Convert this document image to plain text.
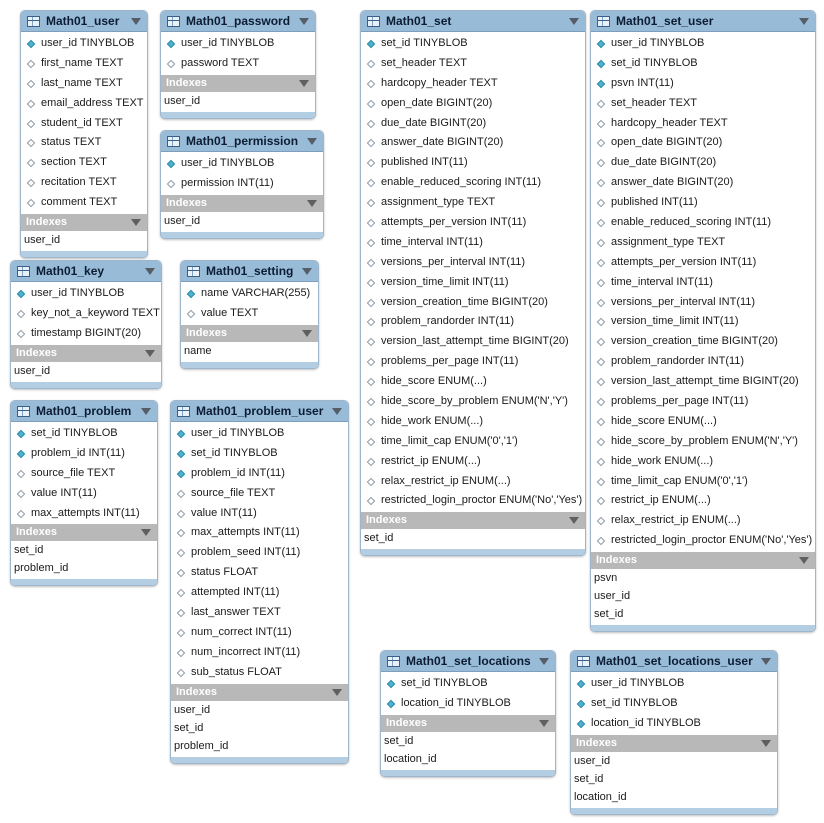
Math01_user
user_id TINYBLOB
first_name TEXT
last_name TEXT
email_address TEXT
student_id TEXT
status TEXT
section TEXT
recitation TEXT
comment TEXT
Indexes
user_id
Math01_password
user_id TINYBLOB
password TEXT
Indexes
user_id
Math01_permission
user_id TINYBLOB
permission INT(11)
Indexes
user_id
Math01_key
user_id TINYBLOB
key_not_a_keyword TEXT
timestamp BIGINT(20)
Indexes
user_id
Math01_setting
name VARCHAR(255)
value TEXT
Indexes
name
Math01_problem
set_id TINYBLOB
problem_id INT(11)
source_file TEXT
value INT(11)
max_attempts INT(11)
Indexes
set_id
problem_id
Math01_problem_user
user_id TINYBLOB
set_id TINYBLOB
problem_id INT(11)
source_file TEXT
value INT(11)
max_attempts INT(11)
problem_seed INT(11)
status FLOAT
attempted INT(11)
last_answer TEXT
num_correct INT(11)
num_incorrect INT(11)
sub_status FLOAT
Indexes
user_id
set_id
problem_id
Math01_set
set_id TINYBLOB
set_header TEXT
hardcopy_header TEXT
open_date BIGINT(20)
due_date BIGINT(20)
answer_date BIGINT(20)
published INT(11)
enable_reduced_scoring INT(11)
assignment_type TEXT
attempts_per_version INT(11)
time_interval INT(11)
versions_per_interval INT(11)
version_time_limit INT(11)
version_creation_time BIGINT(20)
problem_randorder INT(11)
version_last_attempt_time BIGINT(20)
problems_per_page INT(11)
hide_score ENUM(...)
hide_score_by_problem ENUM('N','Y')
hide_work ENUM(...)
time_limit_cap ENUM('0','1')
restrict_ip ENUM(...)
relax_restrict_ip ENUM(...)
restricted_login_proctor ENUM('No','Yes')
Indexes
set_id
Math01_set_user
user_id TINYBLOB
set_id TINYBLOB
psvn INT(11)
set_header TEXT
hardcopy_header TEXT
open_date BIGINT(20)
due_date BIGINT(20)
answer_date BIGINT(20)
published INT(11)
enable_reduced_scoring INT(11)
assignment_type TEXT
attempts_per_version INT(11)
time_interval INT(11)
versions_per_interval INT(11)
version_time_limit INT(11)
version_creation_time BIGINT(20)
problem_randorder INT(11)
version_last_attempt_time BIGINT(20)
problems_per_page INT(11)
hide_score ENUM(...)
hide_score_by_problem ENUM('N','Y')
hide_work ENUM(...)
time_limit_cap ENUM('0','1')
restrict_ip ENUM(...)
relax_restrict_ip ENUM(...)
restricted_login_proctor ENUM('No','Yes')
Indexes
psvn
user_id
set_id
Math01_set_locations
set_id TINYBLOB
location_id TINYBLOB
Indexes
set_id
location_id
Math01_set_locations_user
user_id TINYBLOB
set_id TINYBLOB
location_id TINYBLOB
Indexes
user_id
set_id
location_id
